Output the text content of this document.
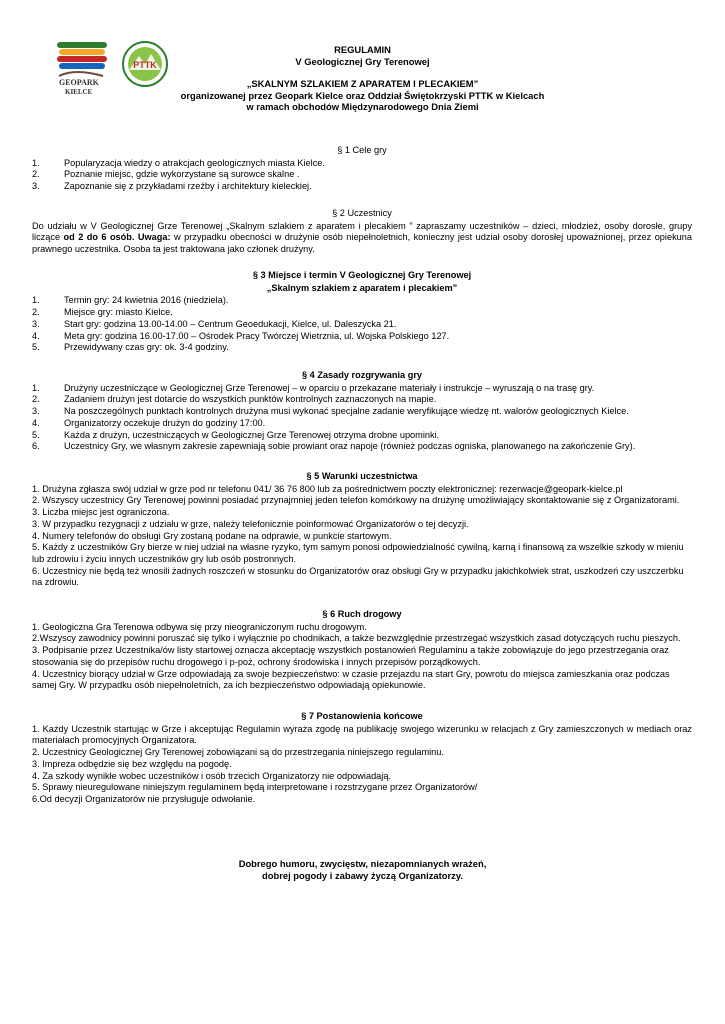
GEOPARK
KIELCE
PTTK
REGULAMIN
V Geologicznej Gry Terenowej
„SKALNYM SZLAKIEM Z APARATEM I PLECAKIEM”
organizowanej przez Geopark Kielce oraz Oddział Świętokrzyski PTTK w Kielcach
w ramach obchodów Międzynarodowego Dnia Ziemi
§ 1 Cele gry
1.	Popularyzacja wiedzy o atrakcjach geologicznych miasta Kielce.
2.	Poznanie miejsc, gdzie wykorzystane są surowce skalne .
3.	Zapoznanie się z przykładami rzeźby i architektury kieleckiej.
§ 2 Uczestnicy

Do udziału w V Geologicznej Grze Terenowej „Skalnym szlakiem z aparatem i plecakiem ” zapraszamy uczestników – dzieci, młodzież, osoby dorosłe, grupy liczące od 2 do 6 osób. Uwaga: w przypadku obecności w drużynie osób niepełnoletnich, konieczny jest udział osoby dorosłej upoważnionej, przez opiekuna prawnego uczestnika. Osoba ta jest traktowana jako członek drużyny.

§ 3 Miejsce i termin V Geologicznej Gry Terenowej
„Skalnym szlakiem z aparatem i plecakiem”
1.	Termin gry: 24 kwietnia 2016 (niedziela).
2.	Miejsce gry: miasto Kielce.
3.	Start gry: godzina 13.00-14.00 – Centrum Geoedukacji, Kielce, ul. Daleszycka 21.
4.	Meta gry: godzina 16.00-17.00 – Ośrodek Pracy Twórczej Wietrznia, ul. Wojska Polskiego 127.
5.	Przewidywany czas gry: ok. 3-4 godziny.
§ 4 Zasady rozgrywania gry
1.	Drużyny uczestniczące w Geologicznej Grze Terenowej – w oparciu o przekazane materiały i instrukcje – wyruszają o na trasę gry.
2.	Zadaniem drużyn jest dotarcie do wszystkich punktów kontrolnych zaznaczonych na mapie.
3.	Na poszczególnych punktach kontrolnych drużyna musi wykonać specjalne zadanie weryfikujące wiedzę nt. walorów geologicznych Kielce.
4.	Organizatorzy oczekuje drużyn do godziny 17:00.
5.	Każda z drużyn, uczestniczących w Geologicznej Grze Terenowej otrzyma drobne upominki.
6.	Uczestnicy Gry, we własnym zakresie zapewniają sobie prowiant oraz napoje (również podczas ogniska, planowanego na zakończenie Gry).
§ 5 Warunki uczestnictwa

1. Drużyna zgłasza swój udział w grze pod nr telefonu 041/ 36 76 800 lub za pośrednictwem poczty elektronicznej: rezerwacje@geopark-kielce.pl

2. Wszyscy uczestnicy Gry Terenowej powinni posiadać przynajmniej jeden telefon komórkowy na drużynę umożliwiający skontaktowanie się z Organizatorami.

3. Liczba miejsc jest ograniczona.

3. W przypadku rezygnacji z udziału w grze, należy telefonicznie poinformować Organizatorów o tej decyzji.

4. Numery telefonów do obsługi Gry zostaną podane na odprawie, w punkcie startowym.

5. Każdy z uczestników Gry bierze w niej udział na własne ryzyko, tym samym ponosi odpowiedzialność cywilną, karną i finansową za wszelkie szkody w mieniu lub zdrowiu i życiu innych uczestników gry lub osób postronnych.

6. Uczestnicy nie będą też wnosili żadnych roszczeń w stosunku do Organizatorów oraz obsługi Gry w przypadku jakichkolwiek strat, uszkodzeń czy uszczerbku na zdrowiu.

§ 6 Ruch drogowy

1. Geologiczna Gra Terenowa odbywa się przy nieograniczonym ruchu drogowym.

2.Wszyscy zawodnicy powinni poruszać się tylko i wyłącznie po chodnikach, a także bezwzględnie przestrzegać wszystkich zasad dotyczących ruchu pieszych.

3. Podpisanie przez Uczestnika/ów listy startowej oznacza akceptację wszystkich postanowień Regulaminu a także zobowiązuje do jego przestrzegania oraz stosowania się do przepisów ruchu drogowego i p-poż, ochrony środowiska i innych przepisów porządkowych.

4. Uczestnicy biorący udział w Grze odpowiadają za swoje bezpieczeństwo: w czasie przejazdu na start Gry, powrotu do miejsca zamieszkania oraz podczas samej Gry. W przypadku osób niepełnoletnich, za ich bezpieczeństwo odpowiadają opiekunowie.

§ 7 Postanowienia końcowe

1. Każdy Uczestnik startując w Grze i akceptując Regulamin wyraża zgodę na publikację swojego wizerunku w relacjach z Gry zamieszczonych w mediach oraz materiałach promocyjnych Organizatora.

2. Uczestnicy Geologicznej Gry Terenowej zobowiązani są do przestrzegania niniejszego regulaminu.

3. Impreza odbędzie się bez względu na pogodę.

4. Za szkody wynikłe wobec uczestników i osób trzecich Organizatorzy nie odpowiadają.

5. Sprawy nieuregulowane niniejszym regulaminem będą interpretowane i rozstrzygane przez Organizatorów/

6.Od decyzji Organizatorów nie przysługuje odwołanie.

Dobrego humoru, zwycięstw, niezapomnianych wrażeń,
dobrej pogody i zabawy życzą Organizatorzy.
